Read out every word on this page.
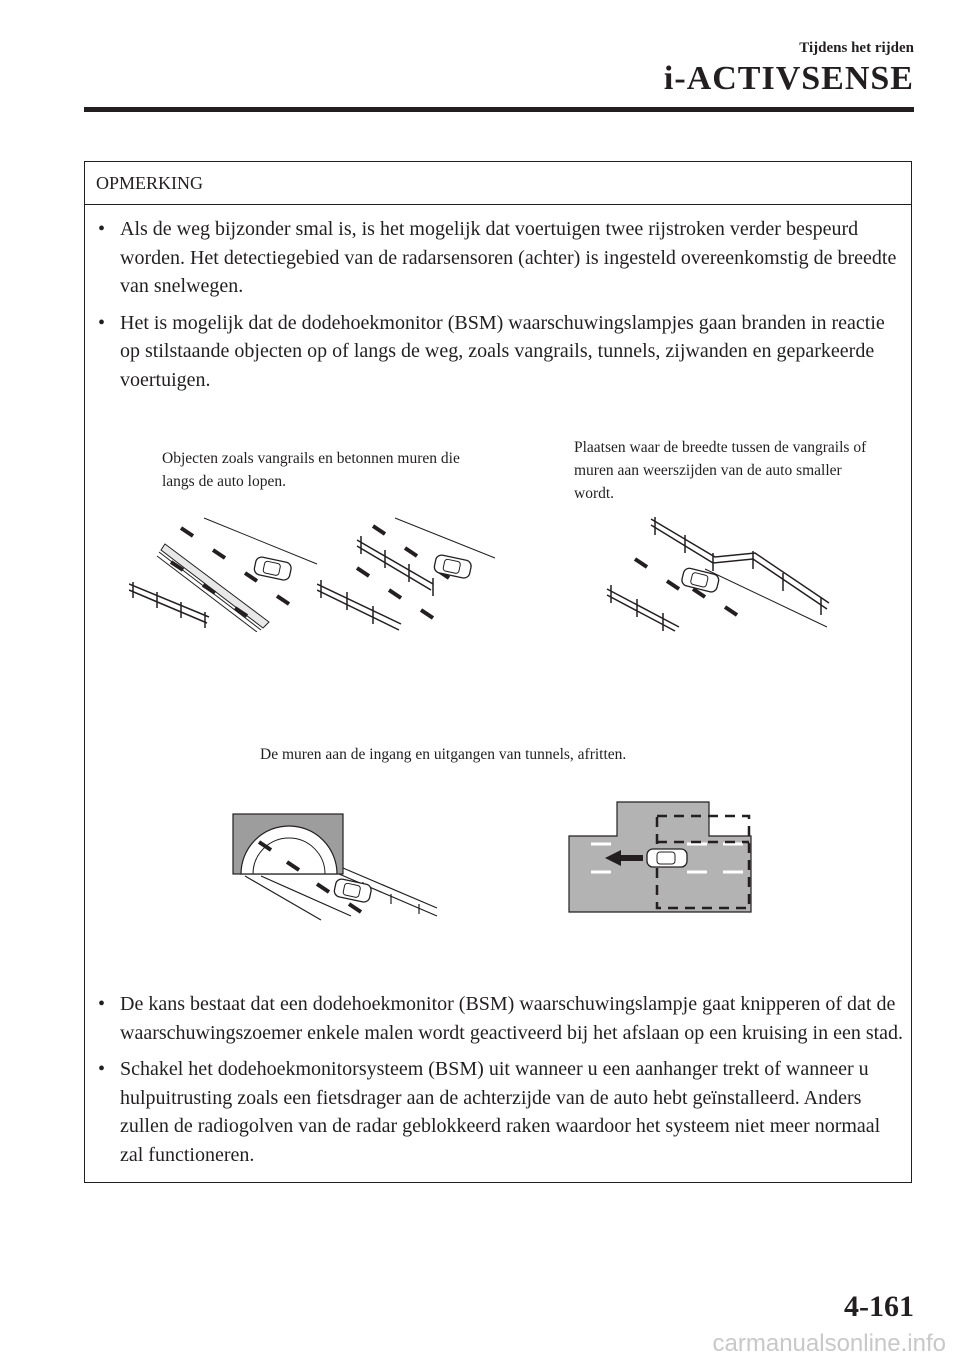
Tijdens het rijden
i-ACTIVSENSE
OPMERKING
• Als de weg bijzonder smal is, is het mogelijk dat voertuigen twee rijstroken verder bespeurd worden. Het detectiegebied van de radarsensoren (achter) is ingesteld overeenkomstig de breedte van snelwegen.
• Het is mogelijk dat de dodehoekmonitor (BSM) waarschuwingslampjes gaan branden in reactie op stilstaande objecten op of langs de weg, zoals vangrails, tunnels, zijwanden en geparkeerde voertuigen.
Objecten zoals vangrails en betonnen muren die langs de auto lopen.
Plaatsen waar de breedte tussen de vangrails of muren aan weerszijden van de auto smaller wordt.
De muren aan de ingang en uitgangen van tunnels, afritten.
• De kans bestaat dat een dodehoekmonitor (BSM) waarschuwingslampje gaat knipperen of dat de waarschuwingszoemer enkele malen wordt geactiveerd bij het afslaan op een kruising in een stad.
• Schakel het dodehoekmonitorsysteem (BSM) uit wanneer u een aanhanger trekt of wanneer u hulpuitrusting zoals een fietsdrager aan de achterzijde van de auto hebt geïnstalleerd. Anders zullen de radiogolven van de radar geblokkeerd raken waardoor het systeem niet meer normaal zal functioneren.
4-161
carmanualsonline.info
